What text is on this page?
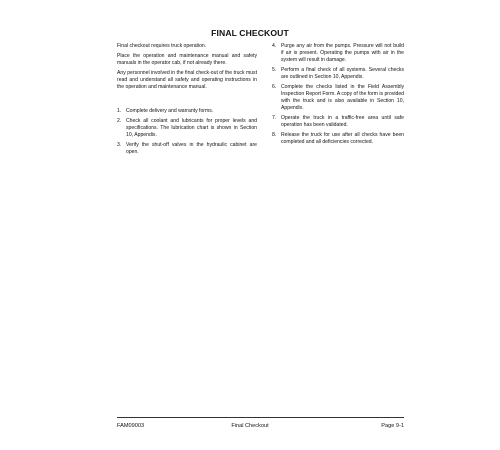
FINAL CHECKOUT

Final checkout requires truck operation.

Place the operation and maintenance manual and safety manuals in the operator cab, if not already there.

Any personnel involved in the final check-out of the truck must read and understand all safety and operating instructions in the operation and maintenance manual.

1. Complete delivery and warranty forms.
2. Check all coolant and lubricants for proper levels and specifications. The lubrication chart is shown in Section 10, Appendix.
3. Verify the shut-off valves in the hydraulic cabinet are open.
4. Purge any air from the pumps. Pressure will not build if air is present. Operating the pumps with air in the system will result in damage.
5. Perform a final check of all systems. Several checks are outlined in Section 10, Appendix.
6. Complete the checks listed in the Field Assembly Inspection Report Form. A copy of the form is provided with the truck and is also available in Section 10, Appendix.
7. Operate the truck in a traffic-free area until safe operation has been validated.
8. Release the truck for use after all checks have been completed and all deficiencies corrected.
FAM09003	Final Checkout	Page 9-1
